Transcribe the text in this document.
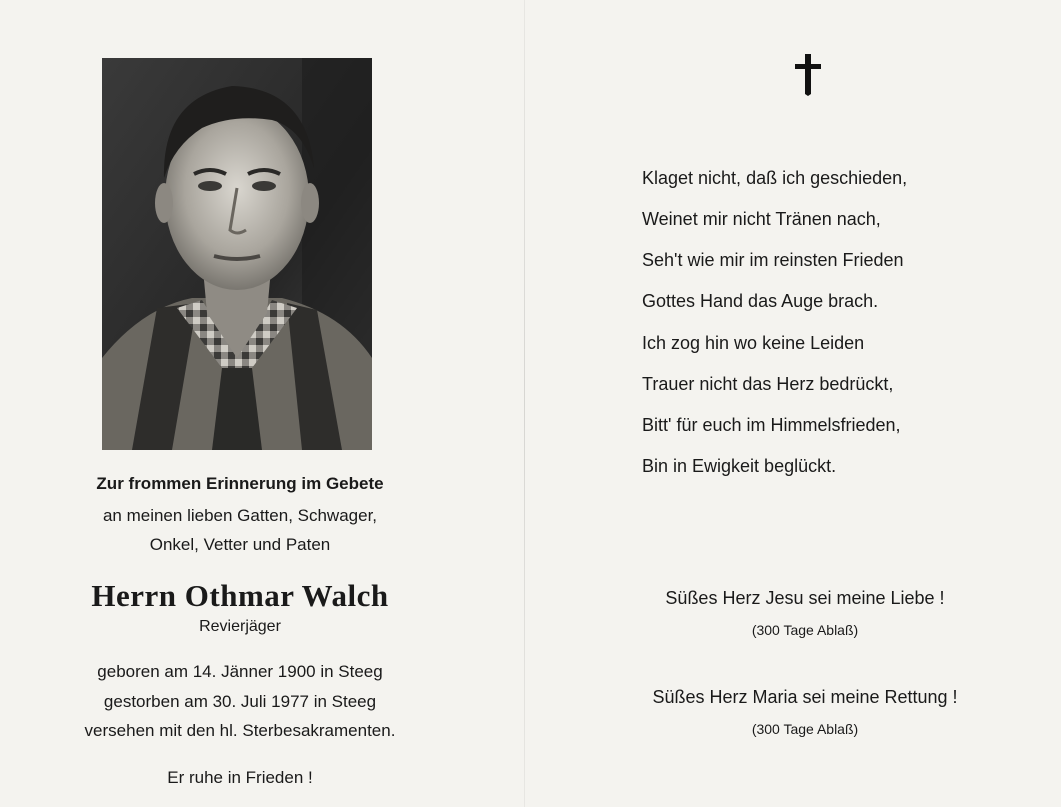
Zur frommen Erinnerung im Gebete
an meinen lieben Gatten, Schwager,
Onkel, Vetter und Paten
Herrn Othmar Walch
Revierjäger
geboren am 14. Jänner 1900 in Steeg
gestorben am 30. Juli 1977 in Steeg
versehen mit den hl. Sterbesakramenten.
Er ruhe in Frieden !
Klaget nicht, daß ich geschieden,
Weinet mir nicht Tränen nach,
Seh't wie mir im reinsten Frieden
Gottes Hand das Auge brach.
Ich zog hin wo keine Leiden
Trauer nicht das Herz bedrückt,
Bitt' für euch im Himmelsfrieden,
Bin in Ewigkeit beglückt.
Süßes Herz Jesu sei meine Liebe !
(300 Tage Ablaß)
Süßes Herz Maria sei meine Rettung !
(300 Tage Ablaß)
